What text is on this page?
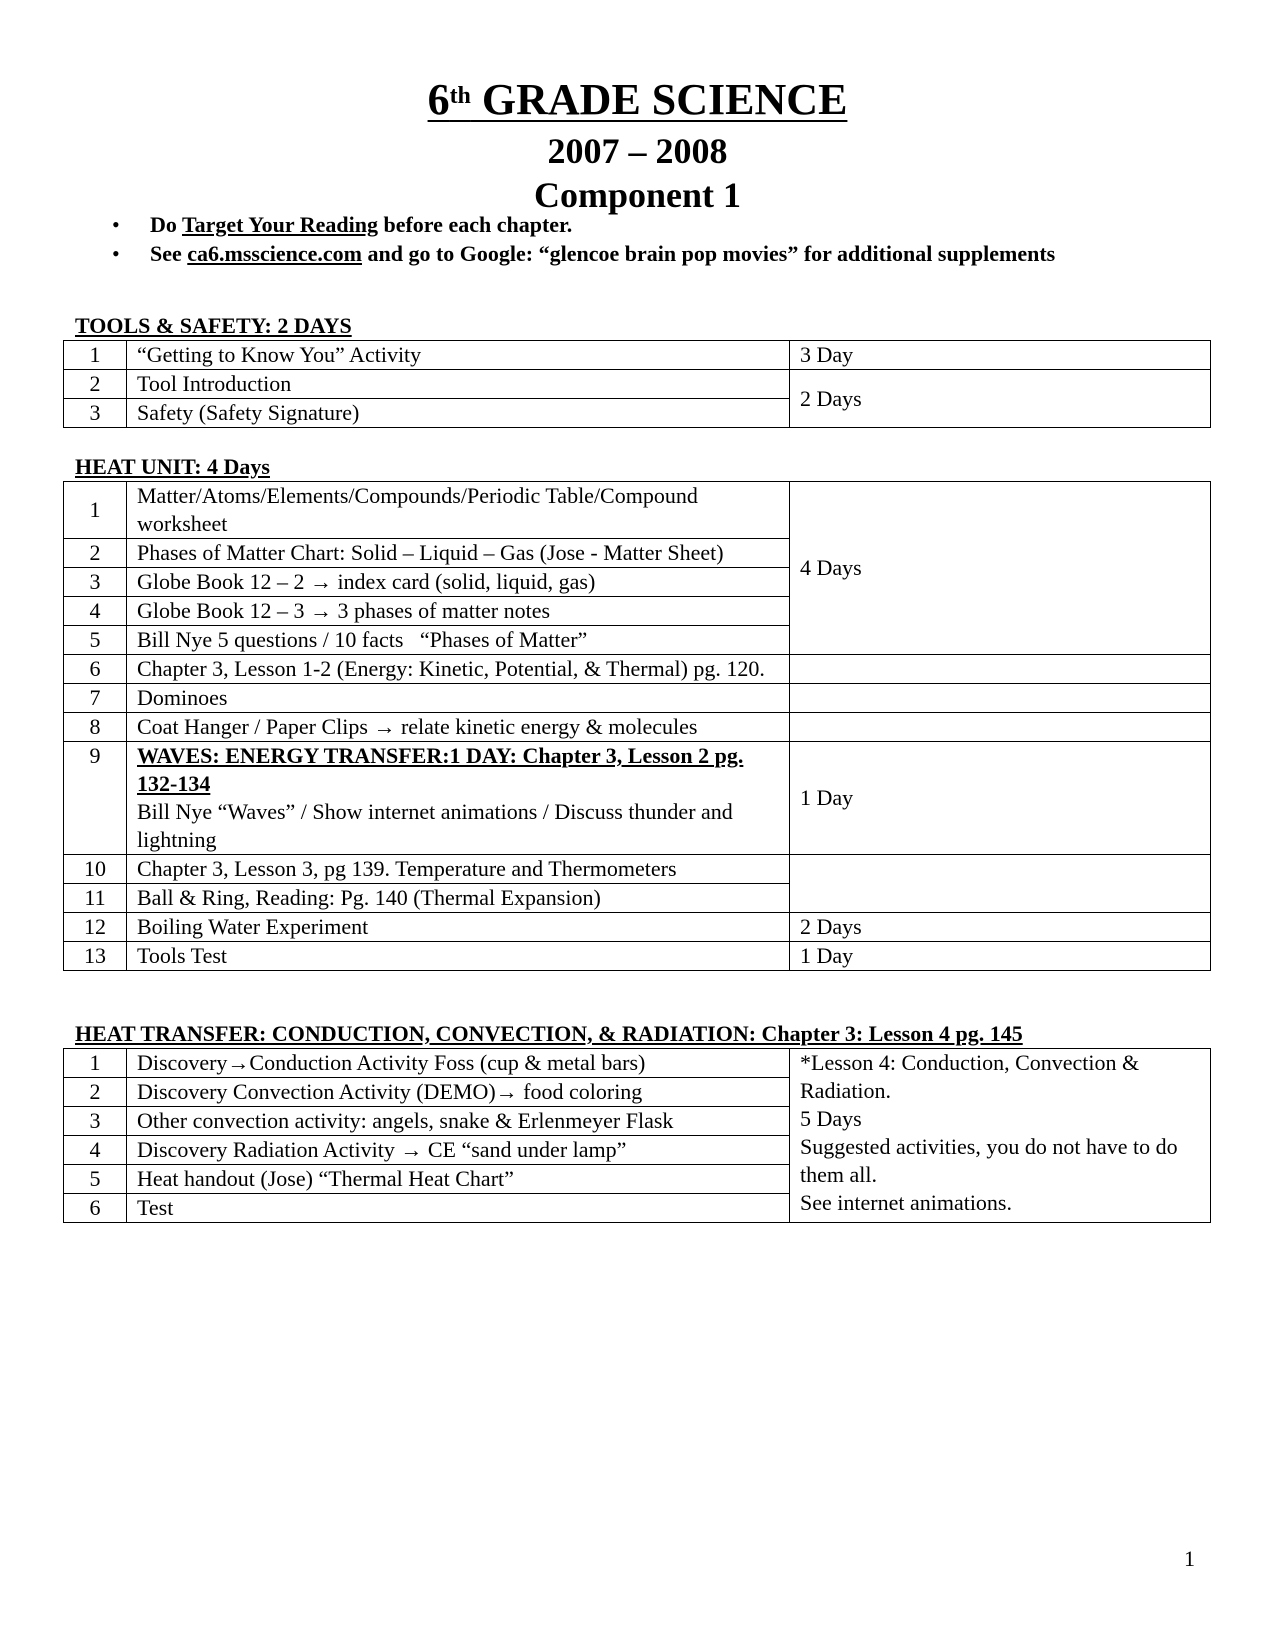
6th GRADE SCIENCE
2007 – 2008
Component 1
• Do Target Your Reading before each chapter.
• See ca6.msscience.com and go to Google: “glencoe brain pop movies” for additional supplements
TOOLS & SAFETY: 2 DAYS
1	“Getting to Know You” Activity	3 Day
2	Tool Introduction	2 Days
3	Safety (Safety Signature)	
HEAT UNIT: 4 Days
1	Matter/Atoms/Elements/Compounds/Periodic Table/Compound worksheet	4 Days
2	Phases of Matter Chart: Solid – Liquid – Gas (Jose - Matter Sheet)	
3	Globe Book 12 – 2 → index card (solid, liquid, gas)	
4	Globe Book 12 – 3 → 3 phases of matter notes	
5	Bill Nye 5 questions / 10 facts   “Phases of Matter”	
6	Chapter 3, Lesson 1-2 (Energy: Kinetic, Potential, & Thermal) pg. 120.	
7	Dominoes	
8	Coat Hanger / Paper Clips → relate kinetic energy & molecules	
9	WAVES: ENERGY TRANSFER:1 DAY: Chapter 3, Lesson 2 pg. 132-134
Bill Nye “Waves” / Show internet animations / Discuss thunder and lightning	1 Day
10	Chapter 3, Lesson 3, pg 139. Temperature and Thermometers	
11	Ball & Ring, Reading: Pg. 140 (Thermal Expansion)	
12	Boiling Water Experiment	2 Days
13	Tools Test	1 Day
HEAT TRANSFER: CONDUCTION, CONVECTION, & RADIATION: Chapter 3: Lesson 4 pg. 145
1	Discovery→Conduction Activity Foss (cup & metal bars)	*Lesson 4: Conduction, Convection & Radiation.
5 Days
Suggested activities, you do not have to do them all.
See internet animations.

2	Discovery Convection Activity (DEMO)→ food coloring	
3	Other convection activity: angels, snake & Erlenmeyer Flask	
4	Discovery Radiation Activity → CE “sand under lamp”	
5	Heat handout (Jose) “Thermal Heat Chart”	
6	Test	
1
